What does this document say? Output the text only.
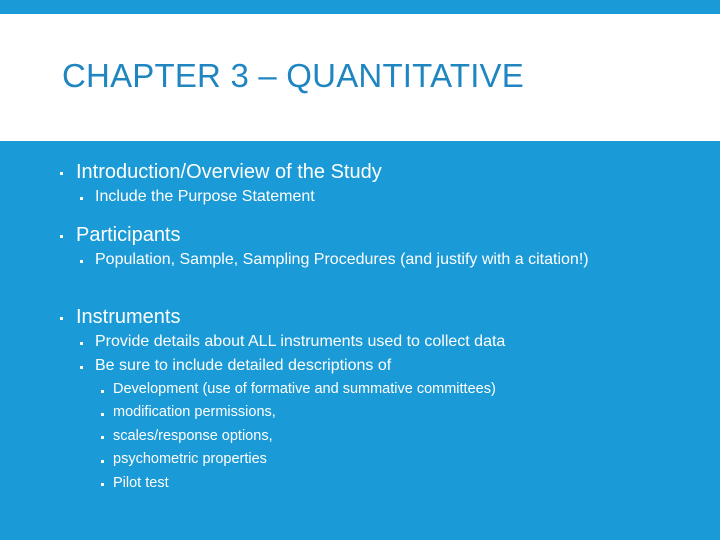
CHAPTER 3 – QUANTITATIVE
Introduction/Overview of the Study
Include the Purpose Statement
Participants
Population, Sample, Sampling Procedures (and justify with a citation!)
Instruments
Provide details about ALL instruments used to collect data
Be sure to include detailed descriptions of
Development (use of formative and summative committees)
modification permissions,
scales/response options,
psychometric properties
Pilot test
